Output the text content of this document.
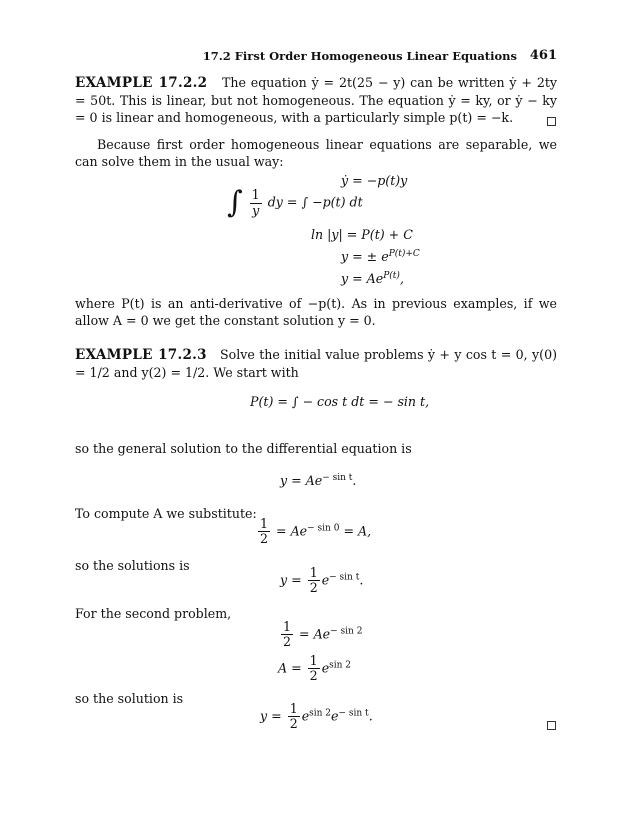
17.2 First Order Homogeneous Linear Equations 461
EXAMPLE 17.2.2 The equation ẏ = 2t(25 − y) can be written ẏ + 2ty = 50t. This is linear, but not homogeneous. The equation ẏ = ky, or ẏ − ky = 0 is linear and homogeneous, with a particularly simple p(t) = −k.
Because first order homogeneous linear equations are separable, we can solve them in the usual way:
ẏ = −p(t)y
∫ $\frac{1}{y}$ dy = ∫ −p(t) dt
ln |y| = P(t) + C
y = ± $e^{P(t)+C}$
$y = Ae^{P(t)}$,
where P(t) is an anti-derivative of −p(t). As in previous examples, if we allow A = 0 we get the constant solution y = 0.
EXAMPLE 17.2.3 Solve the initial value problems ẏ + y cos t = 0, y(0) = 1/2 and y(2) = 1/2. We start with
P(t) = ∫ − cos t dt = − sin t,
so the general solution to the differential equation is
$y = Ae^{- sin t}$.
To compute A we substitute:
$\frac{1}{2} = Ae^{- sin 0} = A$,
so the solutions is
$y = \frac{1}{2} e^{- sin t}$.
For the second problem,
$\frac{1}{2} = Ae^{- sin 2}$
$A = \frac{1}{2} e^{sin 2}$
so the solution is
$y = \frac{1}{2} e^{sin 2}e^{- sin t}$.
